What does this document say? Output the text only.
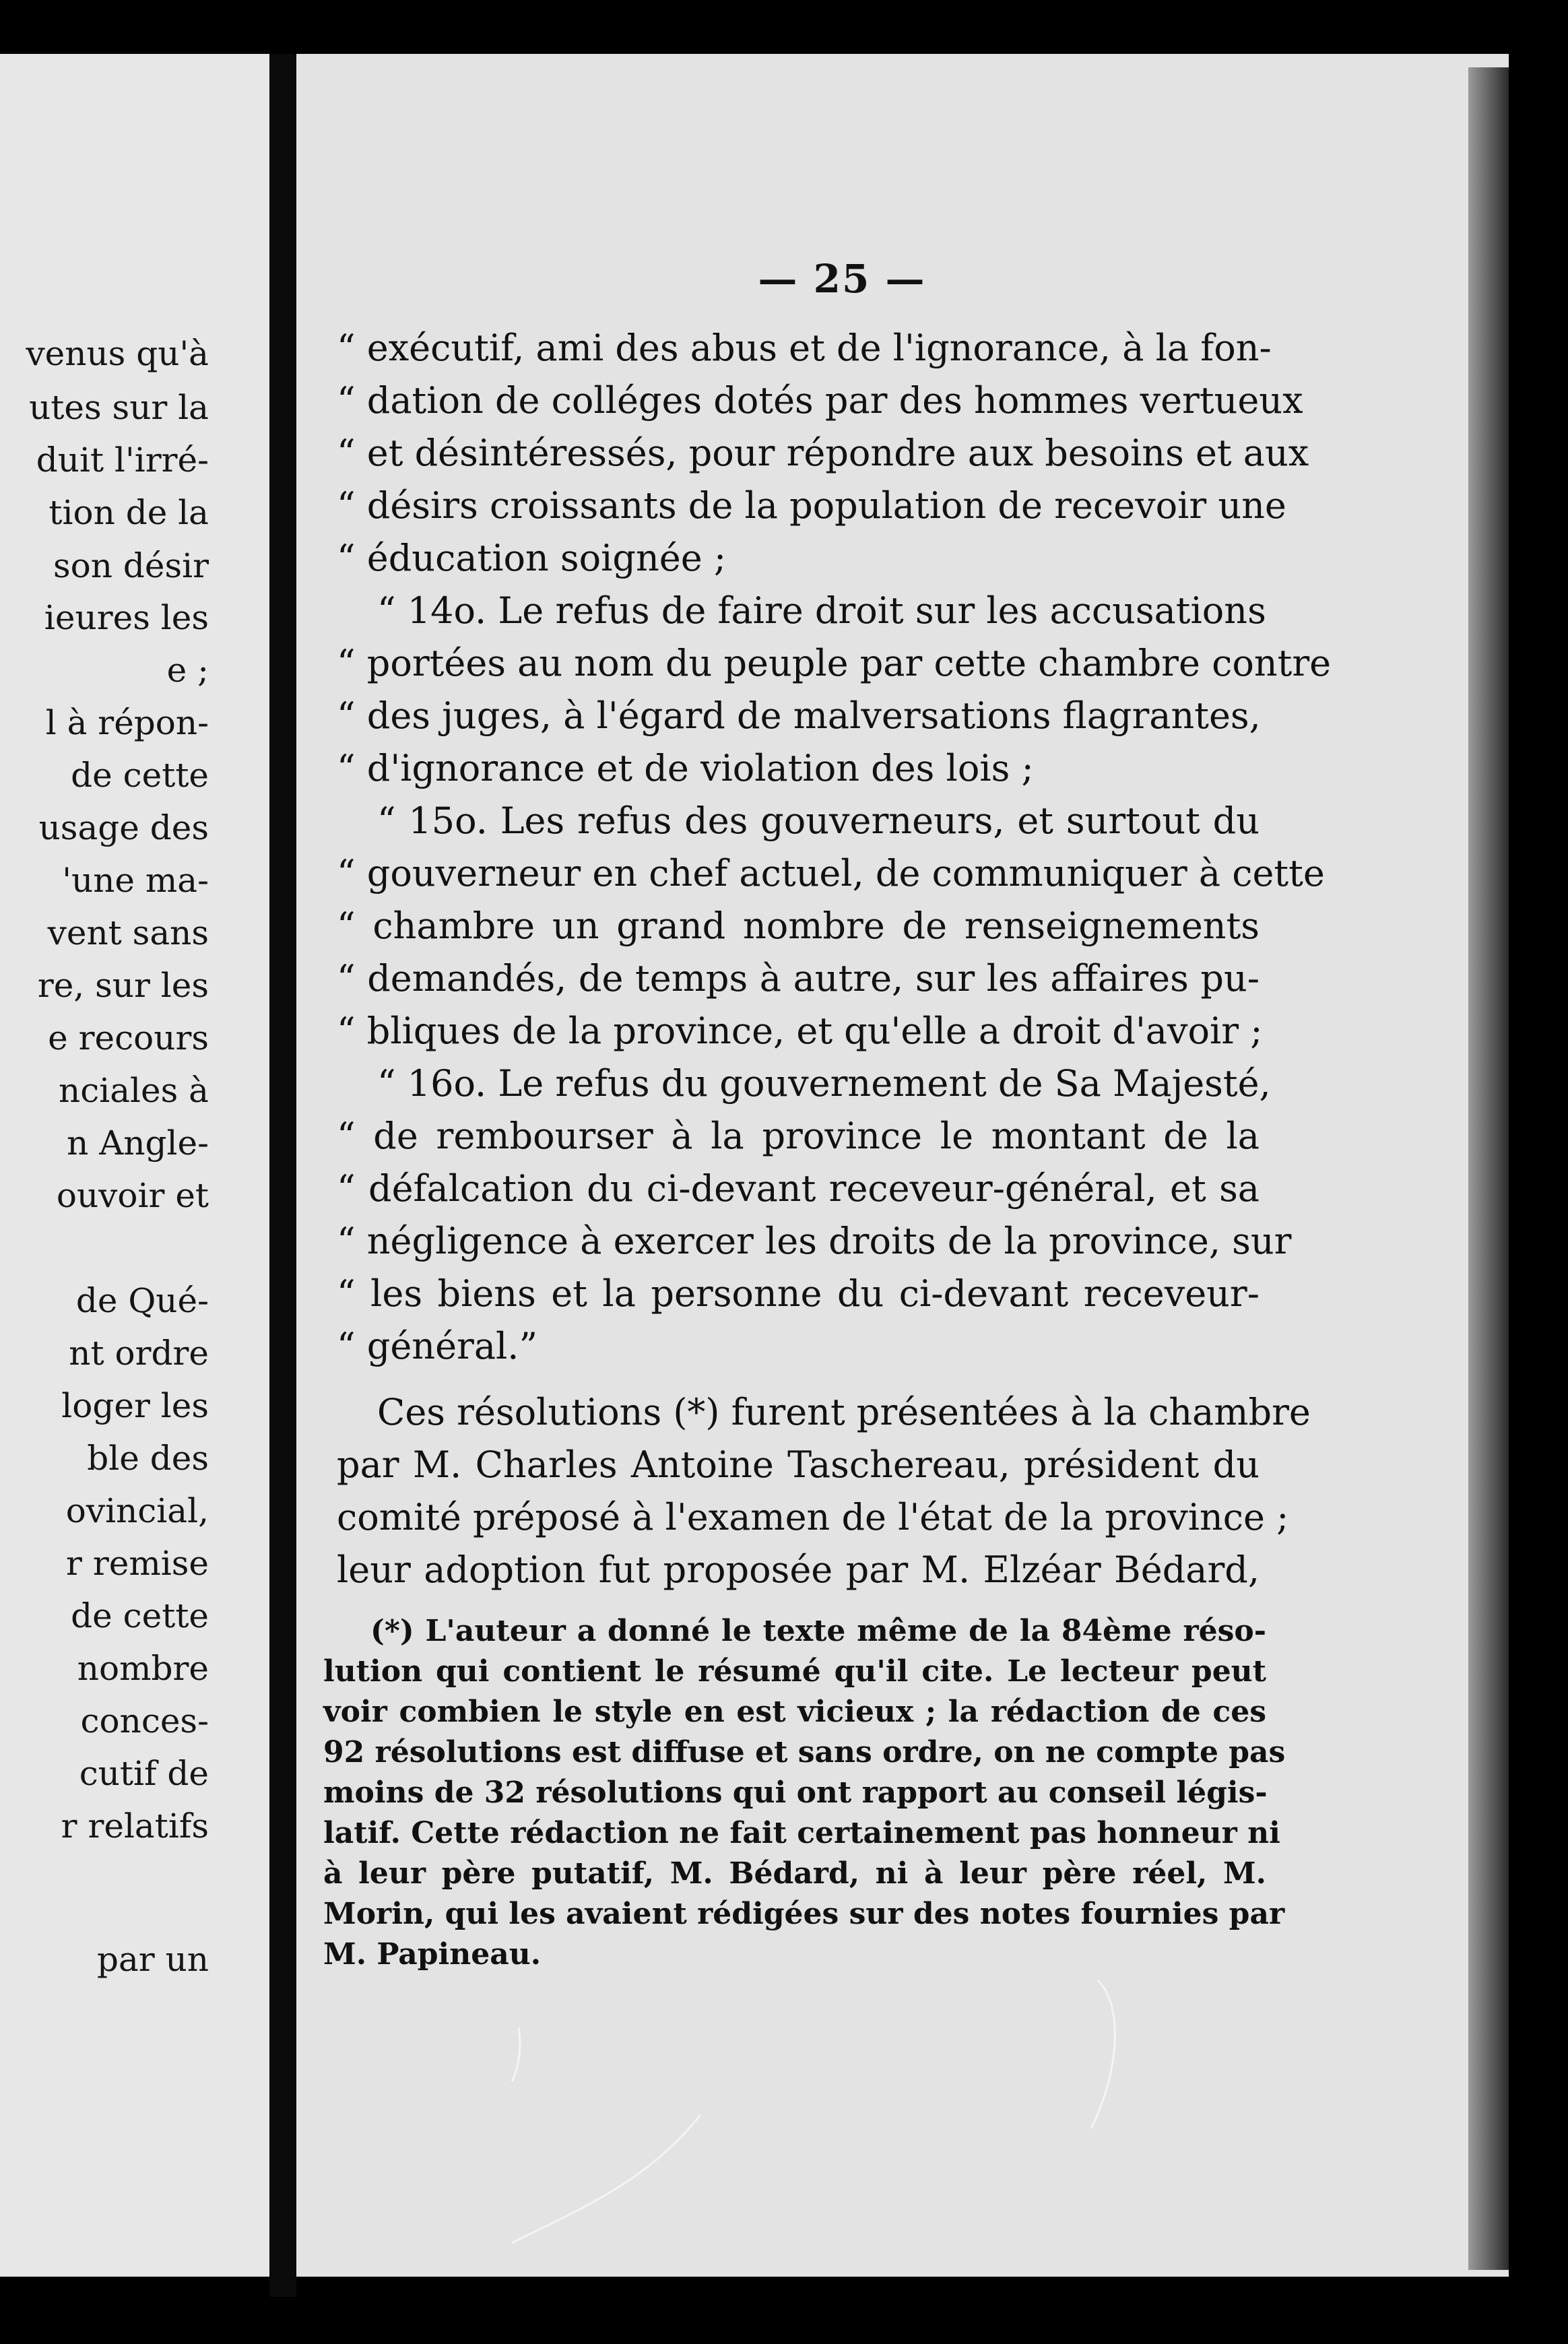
venus qu'à
utes sur la
duit l'irré-
tion de la
son désir
ieures les
e ;
l à répon-
de cette
usage des
'une ma-
vent sans
re, sur les
e recours
nciales à
n Angle-
ouvoir et
de Qué-
nt ordre
loger les
ble des
ovincial,
r remise
de cette
nombre
conces-
cutif de
r relatifs
par un
— 25 —
“ exécutif, ami des abus et de l'ignorance, à la fon-
“ dation de colléges dotés par des hommes vertueux
“ et désintéressés, pour répondre aux besoins et aux
“ désirs croissants de la population de recevoir une
“ éducation soignée ;
“ 14o. Le refus de faire droit sur les accusations
“ portées au nom du peuple par cette chambre contre
“ des juges, à l'égard de malversations flagrantes,
“ d'ignorance et de violation des lois ;
“ 15o. Les refus des gouverneurs, et surtout du
“ gouverneur en chef actuel, de communiquer à cette
“ chambre un grand nombre de renseignements
“ demandés, de temps à autre, sur les affaires pu-
“ bliques de la province, et qu'elle a droit d'avoir ;
“ 16o. Le refus du gouvernement de Sa Majesté,
“ de rembourser à la province le montant de la
“ défalcation du ci-devant receveur-général, et sa
“ négligence à exercer les droits de la province, sur
“ les biens et la personne du ci-devant receveur-
“ général.”
Ces résolutions (*) furent présentées à la chambre
par M. Charles Antoine Taschereau, président du
comité préposé à l'examen de l'état de la province ;
leur adoption fut proposée par M. Elzéar Bédard,
(*) L'auteur a donné le texte même de la 84ème réso-
lution qui contient le résumé qu'il cite. Le lecteur peut
voir combien le style en est vicieux ; la rédaction de ces
92 résolutions est diffuse et sans ordre, on ne compte pas
moins de 32 résolutions qui ont rapport au conseil légis-
latif. Cette rédaction ne fait certainement pas honneur ni
à leur père putatif, M. Bédard, ni à leur père réel, M.
Morin, qui les avaient rédigées sur des notes fournies par
M. Papineau.
